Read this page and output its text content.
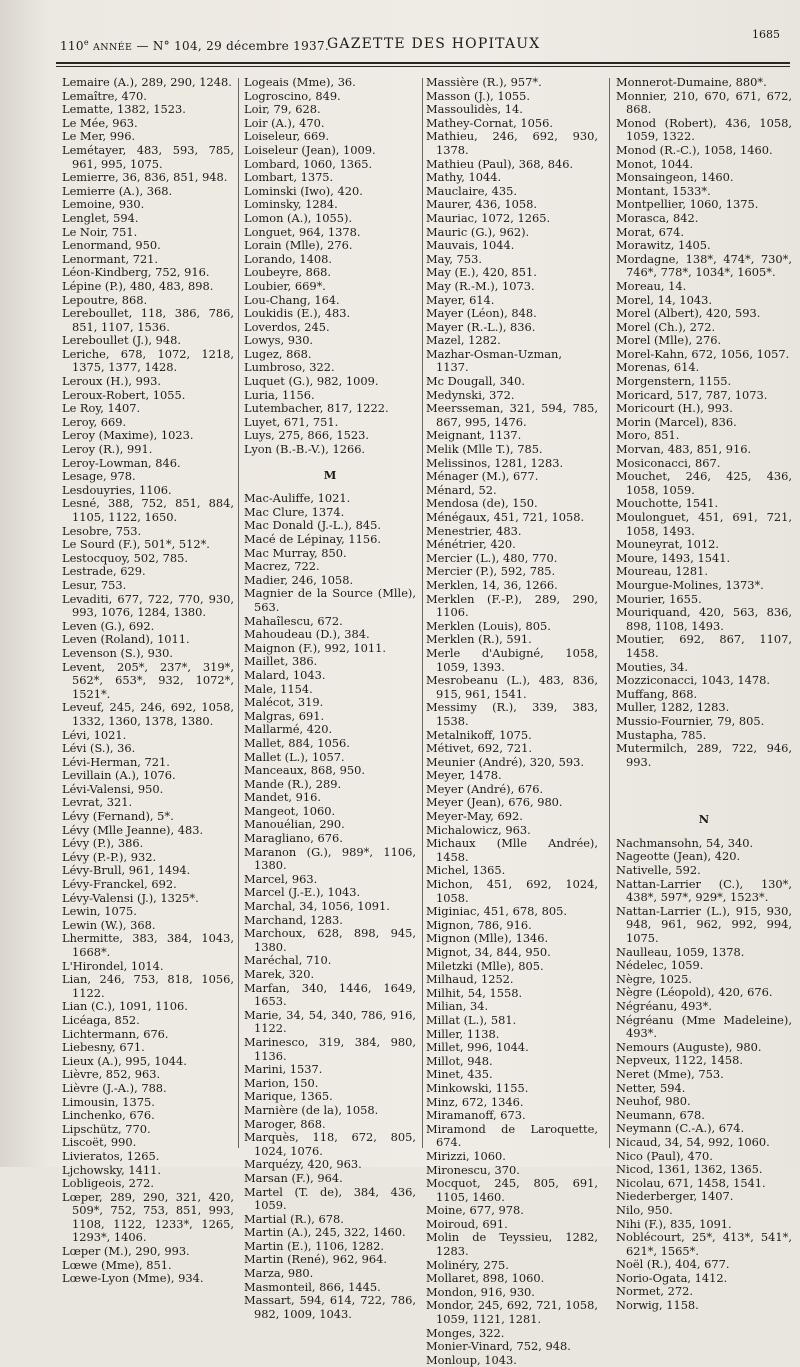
110e ANNÉE — N° 104, 29 décembre 1937.
GAZETTE DES HOPITAUX
1685
Lemaire (A.), 289, 290, 1248.
Lemaître, 470.
Lematte, 1382, 1523.
Le Mée, 963.
Le Mer, 996.
Lemétayer, 483, 593, 785, 961, 995, 1075.
Lemierre, 36, 836, 851, 948.
Lemierre (A.), 368.
Lemoine, 930.
Lenglet, 594.
Le Noir, 751.
Lenormand, 950.
Lenormant, 721.
Léon-Kindberg, 752, 916.
Lépine (P.), 480, 483, 898.
Lepoutre, 868.
Lereboullet, 118, 386, 786, 851, 1107, 1536.
Lereboullet (J.), 948.
Leriche, 678, 1072, 1218, 1375, 1377, 1428.
Leroux (H.), 993.
Leroux-Robert, 1055.
Le Roy, 1407.
Leroy, 669.
Leroy (Maxime), 1023.
Leroy (R.), 991.
Leroy-Lowman, 846.
Lesage, 978.
Lesdouyries, 1106.
Lesné, 388, 752, 851, 884, 1105, 1122, 1650.
Lesobre, 753.
Le Sourd (F.), 501*, 512*.
Lestocquoy, 502, 785.
Lestrade, 629.
Lesur, 753.
Levaditi, 677, 722, 770, 930, 993, 1076, 1284, 1380.
Leven (G.), 692.
Leven (Roland), 1011.
Levenson (S.), 930.
Levent, 205*, 237*, 319*, 562*, 653*, 932, 1072*, 1521*.
Leveuf, 245, 246, 692, 1058, 1332, 1360, 1378, 1380.
Lévi, 1021.
Lévi (S.), 36.
Lévi-Herman, 721.
Levillain (A.), 1076.
Lévi-Valensi, 950.
Levrat, 321.
Lévy (Fernand), 5*.
Lévy (Mlle Jeanne), 483.
Lévy (P.), 386.
Lévy (P.-P.), 932.
Lévy-Brull, 961, 1494.
Lévy-Franckel, 692.
Lévy-Valensi (J.), 1325*.
Lewin, 1075.
Lewin (W.), 368.
Lhermitte, 383, 384, 1043, 1668*.
L'Hirondel, 1014.
Lian, 246, 753, 818, 1056, 1122.
Lian (C.), 1091, 1106.
Licéaga, 852.
Lichtermann, 676.
Liebesny, 671.
Lieux (A.), 995, 1044.
Lièvre, 852, 963.
Lièvre (J.-A.), 788.
Limousin, 1375.
Linchenko, 676.
Lipschütz, 770.
Liscoët, 990.
Livieratos, 1265.
Ljchowsky, 1411.
Lobligeois, 272.
Lœper, 289, 290, 321, 420, 509*, 752, 753, 851, 993, 1108, 1122, 1233*, 1265, 1293*, 1406.
Lœper (M.), 290, 993.
Lœwe (Mme), 851.
Lœwe-Lyon (Mme), 934.
Logeais (Mme), 36.
Logroscino, 849.
Loir, 79, 628.
Loir (A.), 470.
Loiseleur, 669.
Loiseleur (Jean), 1009.
Lombard, 1060, 1365.
Lombart, 1375.
Lominski (Iwo), 420.
Lominsky, 1284.
Lomon (A.), 1055).
Longuet, 964, 1378.
Lorain (Mlle), 276.
Lorando, 1408.
Loubeyre, 868.
Loubier, 669*.
Lou-Chang, 164.
Loukidis (E.), 483.
Loverdos, 245.
Lowys, 930.
Lugez, 868.
Lumbroso, 322.
Luquet (G.), 982, 1009.
Luria, 1156.
Lutembacher, 817, 1222.
Luyet, 671, 751.
Luys, 275, 866, 1523.
Lyon (B.-B.-V.), 1266.
M
Mac-Auliffe, 1021.
Mac Clure, 1374.
Mac Donald (J.-L.), 845.
Macé de Lépinay, 1156.
Mac Murray, 850.
Macrez, 722.
Madier, 246, 1058.
Magnier de la Source (Mlle), 563.
Mahaîlescu, 672.
Mahoudeau (D.), 384.
Maignon (F.), 992, 1011.
Maillet, 386.
Malard, 1043.
Male, 1154.
Malécot, 319.
Malgras, 691.
Mallarmé, 420.
Mallet, 884, 1056.
Mallet (L.), 1057.
Manceaux, 868, 950.
Mande (R.), 289.
Mandet, 916.
Mangeot, 1060.
Manouélian, 290.
Maragliano, 676.
Maranon (G.), 989*, 1106, 1380.
Marcel, 963.
Marcel (J.-E.), 1043.
Marchal, 34, 1056, 1091.
Marchand, 1283.
Marchoux, 628, 898, 945, 1380.
Maréchal, 710.
Marek, 320.
Marfan, 340, 1446, 1649, 1653.
Marie, 34, 54, 340, 786, 916, 1122.
Marinesco, 319, 384, 980, 1136.
Marini, 1537.
Marion, 150.
Marique, 1365.
Marnière (de la), 1058.
Maroger, 868.
Marquès, 118, 672, 805, 1024, 1076.
Marquézy, 420, 963.
Marsan (F.), 964.
Martel (T. de), 384, 436, 1059.
Martial (R.), 678.
Martin (A.), 245, 322, 1460.
Martin (E.), 1106, 1282.
Martin (René), 962, 964.
Marza, 980.
Masmonteil, 866, 1445.
Massart, 594, 614, 722, 786, 982, 1009, 1043.
Massière (R.), 957*.
Masson (J.), 1055.
Massoulidès, 14.
Mathey-Cornat, 1056.
Mathieu, 246, 692, 930, 1378.
Mathieu (Paul), 368, 846.
Mathy, 1044.
Mauclaire, 435.
Maurer, 436, 1058.
Mauriac, 1072, 1265.
Mauric (G.), 962).
Mauvais, 1044.
May, 753.
May (E.), 420, 851.
May (R.-M.), 1073.
Mayer, 614.
Mayer (Léon), 848.
Mayer (R.-L.), 836.
Mazel, 1282.
Mazhar-Osman-Uzman, 1137.
Mc Dougall, 340.
Medynski, 372.
Meersseman, 321, 594, 785, 867, 995, 1476.
Meignant, 1137.
Melik (Mlle T.), 785.
Melissinos, 1281, 1283.
Ménager (M.), 677.
Ménard, 52.
Mendosa (de), 150.
Ménégaux, 451, 721, 1058.
Menestrier, 483.
Ménétrier, 420.
Mercier (L.), 480, 770.
Mercier (P.), 592, 785.
Merklen, 14, 36, 1266.
Merklen (F.-P.), 289, 290, 1106.
Merklen (Louis), 805.
Merklen (R.), 591.
Merle d'Aubigné, 1058, 1059, 1393.
Mesrobeanu (L.), 483, 836, 915, 961, 1541.
Messimy (R.), 339, 383, 1538.
Metalnikoff, 1075.
Métivet, 692, 721.
Meunier (André), 320, 593.
Meyer, 1478.
Meyer (André), 676.
Meyer (Jean), 676, 980.
Meyer-May, 692.
Michalowicz, 963.
Michaux (Mlle Andrée), 1458.
Michel, 1365.
Michon, 451, 692, 1024, 1058.
Miginiac, 451, 678, 805.
Mignon, 786, 916.
Mignon (Mlle), 1346.
Mignot, 34, 844, 950.
Miletzki (Mlle), 805.
Milhaud, 1252.
Milhit, 54, 1558.
Milian, 34.
Millat (L.), 581.
Miller, 1138.
Millet, 996, 1044.
Millot, 948.
Minet, 435.
Minkowski, 1155.
Minz, 672, 1346.
Miramanoff, 673.
Miramond de Laroquette, 674.
Mirizzi, 1060.
Mironescu, 370.
Mocquot, 245, 805, 691, 1105, 1460.
Moine, 677, 978.
Moiroud, 691.
Molin de Teyssieu, 1282, 1283.
Molinéry, 275.
Mollaret, 898, 1060.
Mondon, 916, 930.
Mondor, 245, 692, 721, 1058, 1059, 1121, 1281.
Monges, 322.
Monier-Vinard, 752, 948.
Monloup, 1043.
Monnerot-Dumaine, 880*.
Monnier, 210, 670, 671, 672, 868.
Monod (Robert), 436, 1058, 1059, 1322.
Monod (R.-C.), 1058, 1460.
Monot, 1044.
Monsaingeon, 1460.
Montant, 1533*.
Montpellier, 1060, 1375.
Morasca, 842.
Morat, 674.
Morawitz, 1405.
Mordagne, 138*, 474*, 730*, 746*, 778*, 1034*, 1605*.
Moreau, 14.
Morel, 14, 1043.
Morel (Albert), 420, 593.
Morel (Ch.), 272.
Morel (Mlle), 276.
Morel-Kahn, 672, 1056, 1057.
Morenas, 614.
Morgenstern, 1155.
Moricard, 517, 787, 1073.
Moricourt (H.), 993.
Morin (Marcel), 836.
Moro, 851.
Morvan, 483, 851, 916.
Mosiconacci, 867.
Mouchet, 246, 425, 436, 1058, 1059.
Mouchotte, 1541.
Moulonguet, 451, 691, 721, 1058, 1493.
Mouneyrat, 1012.
Moure, 1493, 1541.
Moureau, 1281.
Mourgue-Molines, 1373*.
Mourier, 1655.
Mouriquand, 420, 563, 836, 898, 1108, 1493.
Moutier, 692, 867, 1107, 1458.
Mouties, 34.
Mozziconacci, 1043, 1478.
Muffang, 868.
Muller, 1282, 1283.
Mussio-Fournier, 79, 805.
Mustapha, 785.
Mutermilch, 289, 722, 946, 993.
N
Nachmansohn, 54, 340.
Nageotte (Jean), 420.
Nativelle, 592.
Nattan-Larrier (C.), 130*, 438*, 597*, 929*, 1523*.
Nattan-Larrier (L.), 915, 930, 948, 961, 962, 992, 994, 1075.
Naulleau, 1059, 1378.
Nédelec, 1059.
Nègre, 1025.
Nègre (Léopold), 420, 676.
Négréanu, 493*.
Négréanu (Mme Madeleine), 493*.
Nemours (Auguste), 980.
Nepveux, 1122, 1458.
Neret (Mme), 753.
Netter, 594.
Neuhof, 980.
Neumann, 678.
Neymann (C.-A.), 674.
Nicaud, 34, 54, 992, 1060.
Nico (Paul), 470.
Nicod, 1361, 1362, 1365.
Nicolau, 671, 1458, 1541.
Niederberger, 1407.
Nilo, 950.
Nihi (F.), 835, 1091.
Noblécourt, 25*, 413*, 541*, 621*, 1565*.
Noël (R.), 404, 677.
Norio-Ogata, 1412.
Normet, 272.
Norwig, 1158.
